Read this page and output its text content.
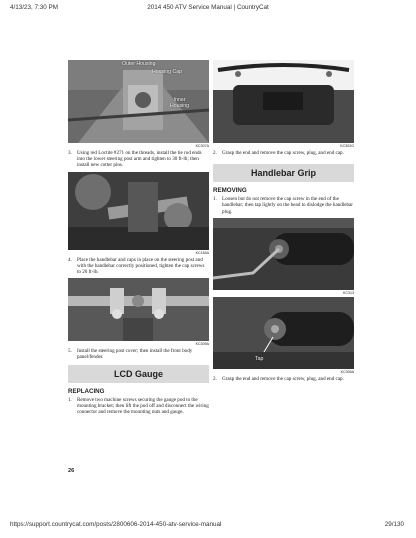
4/13/23, 7:30 PM	2014 450 ATV Service Manual | CountryCat
Outer Housing
Housing Cap
Inner
Housing
KC307A
3.	Using red Loctite #271 on the threads, install the tie rod ends into the lower steering post arm and tighten to 30 ft-lb; then install new cotter pins.
KC184A
4.	Place the handlebar and caps in place on the steering post and with the handlebar correctly positioned, tighten the cap screws to 20 ft-lb.
KC309A
5.	Install the steering post cover; then install the front body panel/fender.
LCD Gauge
REPLACING
1.	Remove two machine screws securing the gauge pod to the mounting bracket; then lift the pod off and disconnect the wiring connector and remove the mounting nuts and gauge.
26
KC302G
2.	Grasp the end and remove the cap screw, plug, and end cap.
Handlebar Grip
REMOVING
1.	Loosen but do not remove the cap screw in the end of the handlebar; then tap lightly on the head to dislodge the handlebar plug.
KC313
Tap
KC305A
2.	Grasp the end and remove the cap screw, plug, and end cap.
https://support.countrycat.com/posts/2800606-2014-450-atv-service-manual	29/130
